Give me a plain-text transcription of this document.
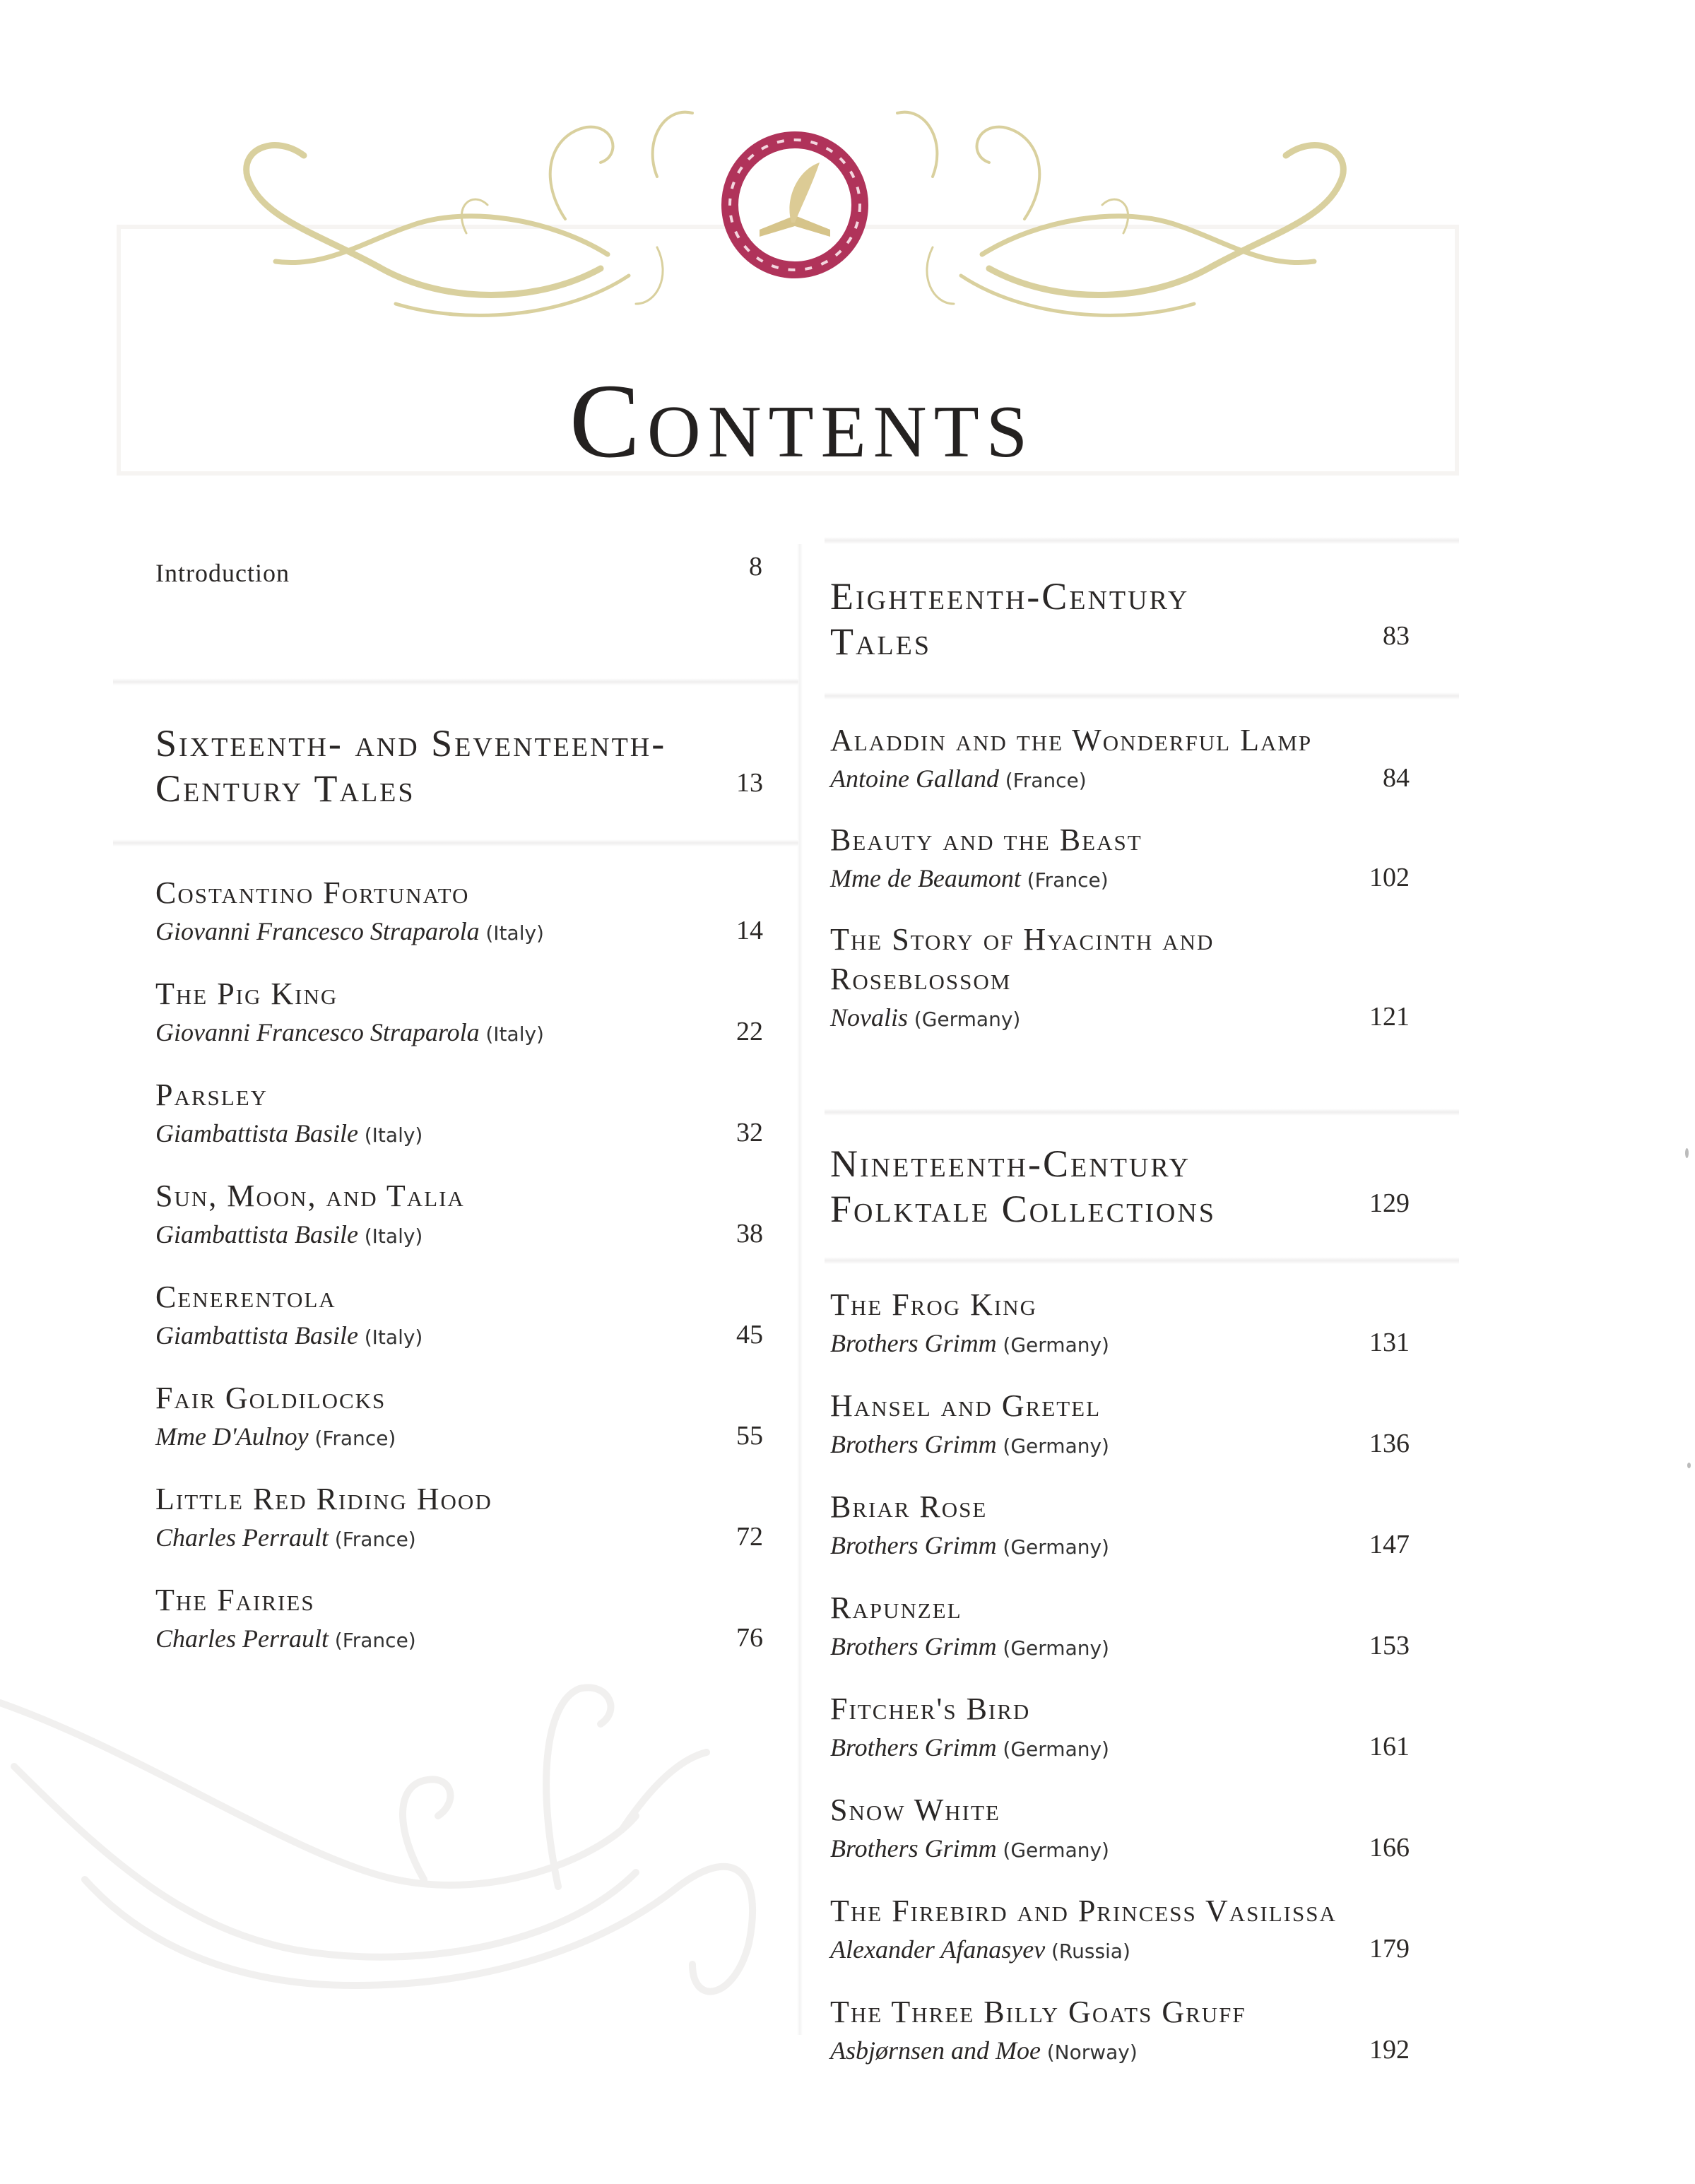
Contents
Introduction	8
Sixteenth- and Seventeenth-
Century Tales	13
Costantino Fortunato
Giovanni Francesco Straparola (Italy)	14
The Pig King
Giovanni Francesco Straparola (Italy)	22
Parsley
Giambattista Basile (Italy)	32
Sun, Moon, and Talia
Giambattista Basile (Italy)	38
Cenerentola
Giambattista Basile (Italy)	45
Fair Goldilocks
Mme D'Aulnoy (France)	55
Little Red Riding Hood
Charles Perrault (France)	72
The Fairies
Charles Perrault (France)	76
Eighteenth-Century
Tales	83
Aladdin and the Wonderful Lamp
Antoine Galland (France)	84
Beauty and the Beast
Mme de Beaumont (France)	102
The Story of Hyacinth and
Roseblossom
Novalis (Germany)	121
Nineteenth-Century
Folktale Collections	129
The Frog King
Brothers Grimm (Germany)	131
Hansel and Gretel
Brothers Grimm (Germany)	136
Briar Rose
Brothers Grimm (Germany)	147
Rapunzel
Brothers Grimm (Germany)	153
Fitcher's Bird
Brothers Grimm (Germany)	161
Snow White
Brothers Grimm (Germany)	166
The Firebird and Princess Vasilissa
Alexander Afanasyev (Russia)	179
The Three Billy Goats Gruff
Asbjørnsen and Moe (Norway)	192
